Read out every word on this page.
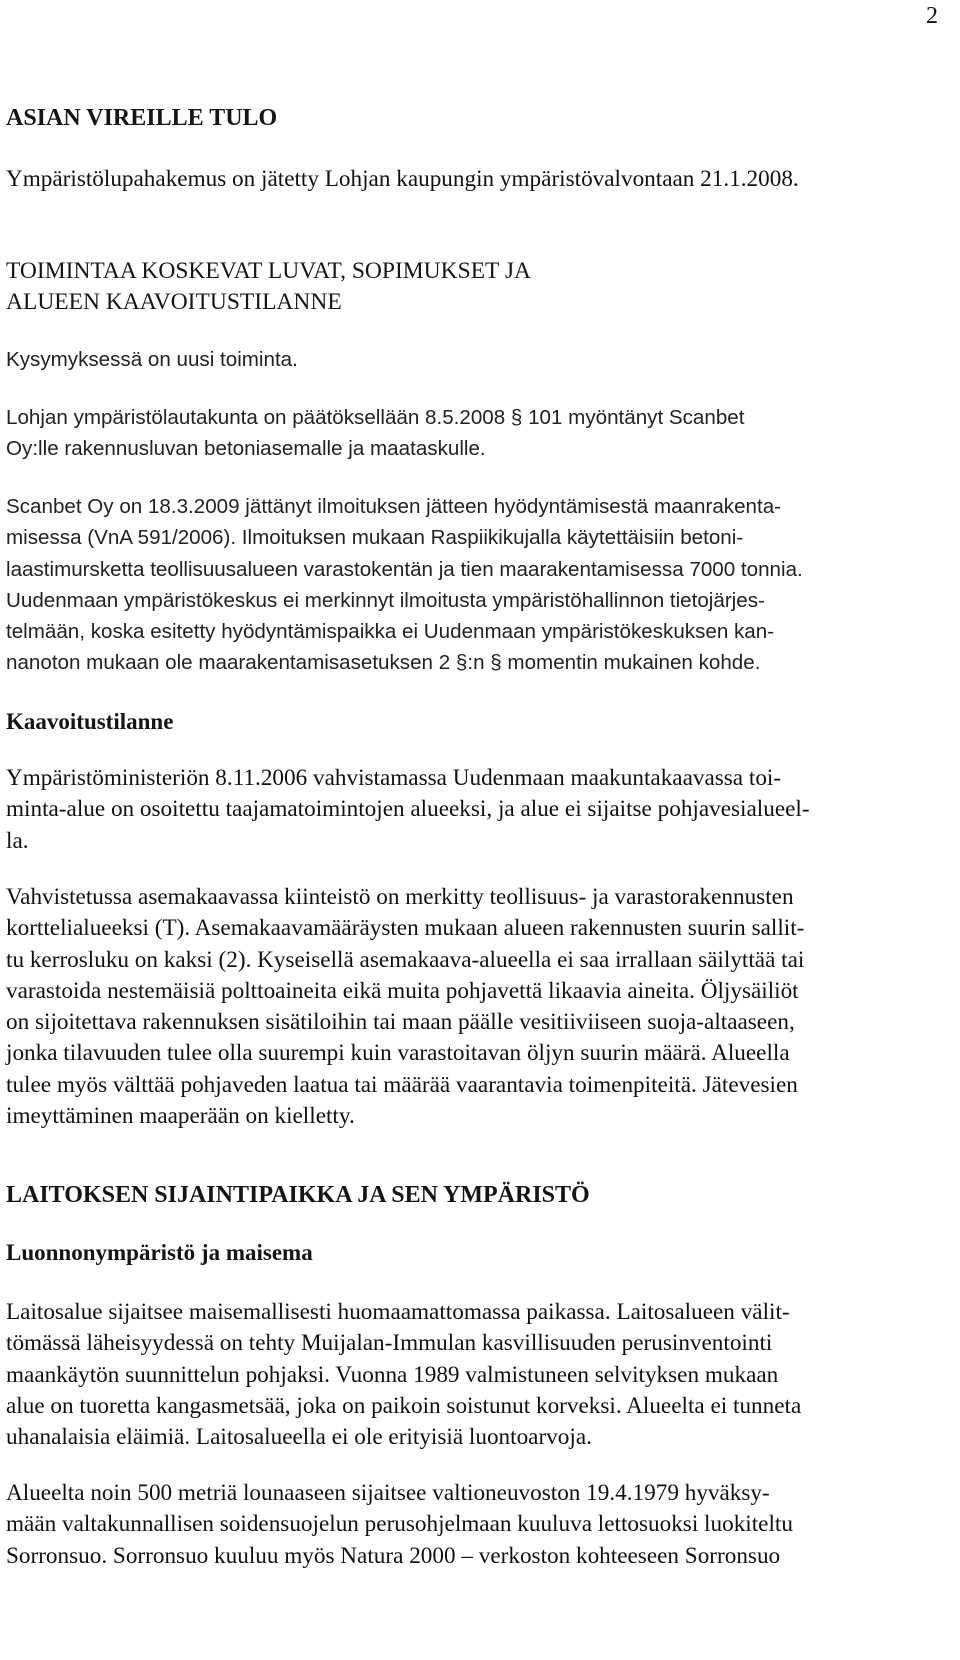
2
ASIAN VIREILLE TULO
Ympäristölupahakemus on jätetty Lohjan kaupungin ympäristövalvontaan 21.1.2008.
TOIMINTAA KOSKEVAT LUVAT, SOPIMUKSET JA
ALUEEN KAAVOITUSTILANNE
Kysymyksessä on uusi toiminta.
Lohjan ympäristölautakunta on päätöksellään 8.5.2008 § 101 myöntänyt Scanbet
Oy:lle rakennusluvan betoniasemalle ja maataskulle.
Scanbet Oy on 18.3.2009 jättänyt ilmoituksen jätteen hyödyntämisestä maanrakenta-
misessa (VnA 591/2006). Ilmoituksen mukaan Raspiikikujalla käytettäisiin betoni-
laastimursketta teollisuusalueen varastokentän ja tien maarakentamisessa 7000 tonnia.
Uudenmaan ympäristökeskus ei merkinnyt ilmoitusta ympäristöhallinnon tietojärjes-
telmään, koska esitetty hyödyntämispaikka ei Uudenmaan ympäristökeskuksen kan-
nanoton mukaan ole maarakentamisasetuksen 2 §:n § momentin mukainen kohde.
Kaavoitustilanne
Ympäristöministeriön 8.11.2006 vahvistamassa Uudenmaan maakuntakaavassa toi-
minta-alue on osoitettu taajamatoimintojen alueeksi, ja alue ei sijaitse pohjavesialueel-
la.
Vahvistetussa asemakaavassa kiinteistö on merkitty teollisuus- ja varastorakennusten
korttelialueeksi (T). Asemakaavamääräysten mukaan alueen rakennusten suurin sallit-
tu kerrosluku on kaksi (2). Kyseisellä asemakaava-alueella ei saa irrallaan säilyttää tai
varastoida nestemäisiä polttoaineita eikä muita pohjavettä likaavia aineita. Öljysäiliöt
on sijoitettava rakennuksen sisätiloihin tai maan päälle vesitiiviiseen suoja-altaaseen,
jonka tilavuuden tulee olla suurempi kuin varastoitavan öljyn suurin määrä. Alueella
tulee myös välttää pohjaveden laatua tai määrää vaarantavia toimenpiteitä. Jätevesien
imeyttäminen maaperään on kielletty.
LAITOKSEN SIJAINTIPAIKKA JA SEN YMPÄRISTÖ
Luonnonympäristö ja maisema
Laitosalue sijaitsee maisemallisesti huomaamattomassa paikassa. Laitosalueen välit-
tömässä läheisyydessä on tehty Muijalan-Immulan kasvillisuuden perusinventointi
maankäytön suunnittelun pohjaksi. Vuonna 1989 valmistuneen selvityksen mukaan
alue on tuoretta kangasmetsää, joka on paikoin soistunut korveksi. Alueelta ei tunneta
uhanalaisia eläimiä. Laitosalueella ei ole erityisiä luontoarvoja.
Alueelta noin 500 metriä lounaaseen sijaitsee valtioneuvoston 19.4.1979 hyväksy-
mään valtakunnallisen soidensuojelun perusohjelmaan kuuluva lettosuoksi luokiteltu
Sorronsuo. Sorronsuo kuuluu myös Natura 2000 – verkoston kohteeseen Sorronsuo
